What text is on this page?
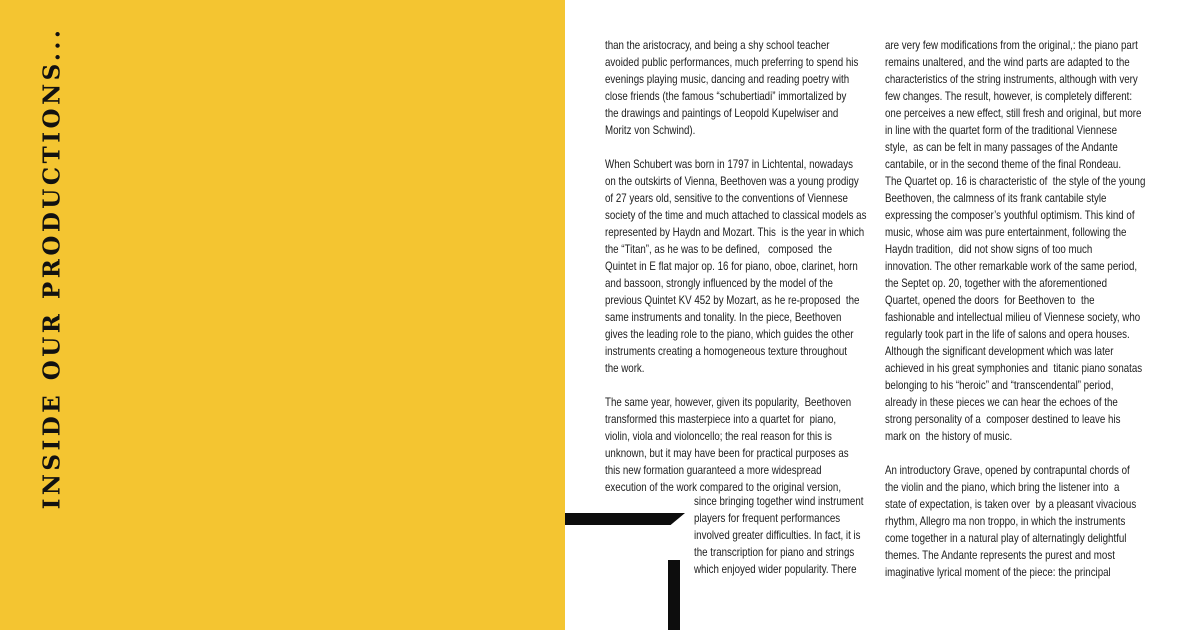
INSIDE OUR PRODUCTIONS...	than the aristocracy, and being a shy school teacher
avoided public performances, much preferring to spend his
evenings playing music, dancing and reading poetry with
close friends (the famous “schubertiadi” immortalized by
the drawings and paintings of Leopold Kupelwiser and
Moritz von Schwind).

When Schubert was born in 1797 in Lichtental, nowadays
on the outskirts of Vienna, Beethoven was a young prodigy
of 27 years old, sensitive to the conventions of Viennese
society of the time and much attached to classical models as
represented by Haydn and Mozart. This  is the year in which
the “Titan”, as he was to be defined,   composed  the
Quintet in E flat major op. 16 for piano, oboe, clarinet, horn
and bassoon, strongly influenced by the model of the
previous Quintet KV 452 by Mozart, as he re-proposed  the
same instruments and tonality. In the piece, Beethoven
gives the leading role to the piano, which guides the other
instruments creating a homogeneous texture throughout
the work.

The same year, however, given its popularity,  Beethoven
transformed this masterpiece into a quartet for  piano,
violin, viola and violoncello; the real reason for this is
unknown, but it may have been for practical purposes as
this new formation guaranteed a more widespread
execution of the work compared to the original version,

since bringing together wind instrument
players for frequent performances
involved greater difficulties. In fact, it is
the transcription for piano and strings
which enjoyed wider popularity. There

are very few modifications from the original,: the piano part
remains unaltered, and the wind parts are adapted to the
characteristics of the string instruments, although with very
few changes. The result, however, is completely different:
one perceives a new effect, still fresh and original, but more
in line with the quartet form of the traditional Viennese
style,  as can be felt in many passages of the Andante
cantabile, or in the second theme of the final Rondeau.
The Quartet op. 16 is characteristic of  the style of the young
Beethoven, the calmness of its frank cantabile style
expressing the composer’s youthful optimism. This kind of
music, whose aim was pure entertainment, following the
Haydn tradition,  did not show signs of too much
innovation. The other remarkable work of the same period,
the Septet op. 20, together with the aforementioned
Quartet, opened the doors  for Beethoven to  the
fashionable and intellectual milieu of Viennese society, who
regularly took part in the life of salons and opera houses.
Although the significant development which was later
achieved in his great symphonies and  titanic piano sonatas
belonging to his “heroic” and “transcendental” period,
already in these pieces we can hear the echoes of the
strong personality of a  composer destined to leave his
mark on  the history of music.

An introductory Grave, opened by contrapuntal chords of
the violin and the piano, which bring the listener into  a
state of expectation, is taken over  by a pleasant vivacious
rhythm, Allegro ma non troppo, in which the instruments
come together in a natural play of alternatingly delightful
themes. The Andante represents the purest and most
imaginative lyrical moment of the piece: the principal
